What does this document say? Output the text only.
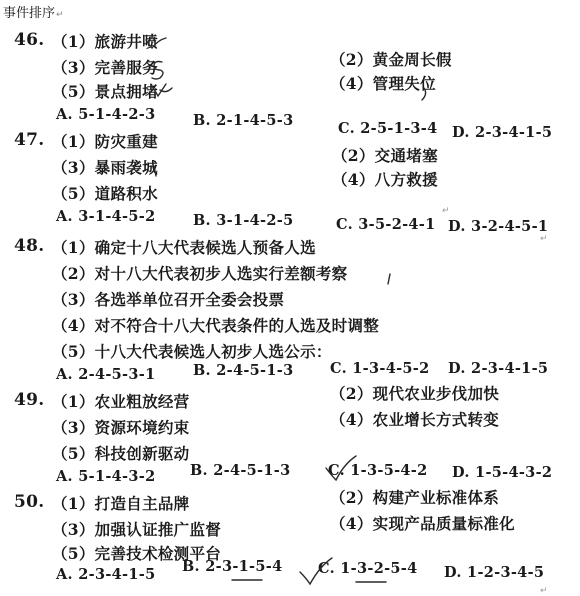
事件排序↵
46. （1）旅游井喷
（2）黄金周长假
（3）完善服务
（4）管理失位
（5）景点拥堵
A. 5-1-4-2-3	B. 2-1-4-5-3	C. 2-5-1-3-4 D. 2-3-4-1-5
47. （1）防灾重建
（2）交通堵塞
（3）暴雨袭城
（4）八方救援
（5）道路积水
A. 3-1-4-5-2	B. 3-1-4-2-5	C. 3-5-2-4-1 D. 3-2-4-5-1
48. （1）确定十八大代表候选人预备人选
（2）对十八大代表初步人选实行差额考察
（3）各选举单位召开全委会投票
（4）对不符合十八大代表条件的人选及时调整
（5）十八大代表候选人初步人选公示：
A. 2-4-5-3-1	B. 2-4-5-1-3	C. 1-3-4-5-2 D. 2-3-4-1-5
49. （1）农业粗放经营	（2）现代农业步伐加快
（3）资源环境约束	（4）农业增长方式转变
（5）科技创新驱动
A. 5-1-4-3-2 B. 2-4-5-1-3	C. 1-3-5-4-2 D. 1-5-4-3-2
50. （1）打造自主品牌	（2）构建产业标准体系
（3）加强认证推广监督	（4）实现产品质量标准化
（5）完善技术检测平台
A. 2-3-4-1-5 B. 2-3-1-5-4 C. 1-3-2-5-4 D. 1-2-3-4-5
↵
↵
↵
